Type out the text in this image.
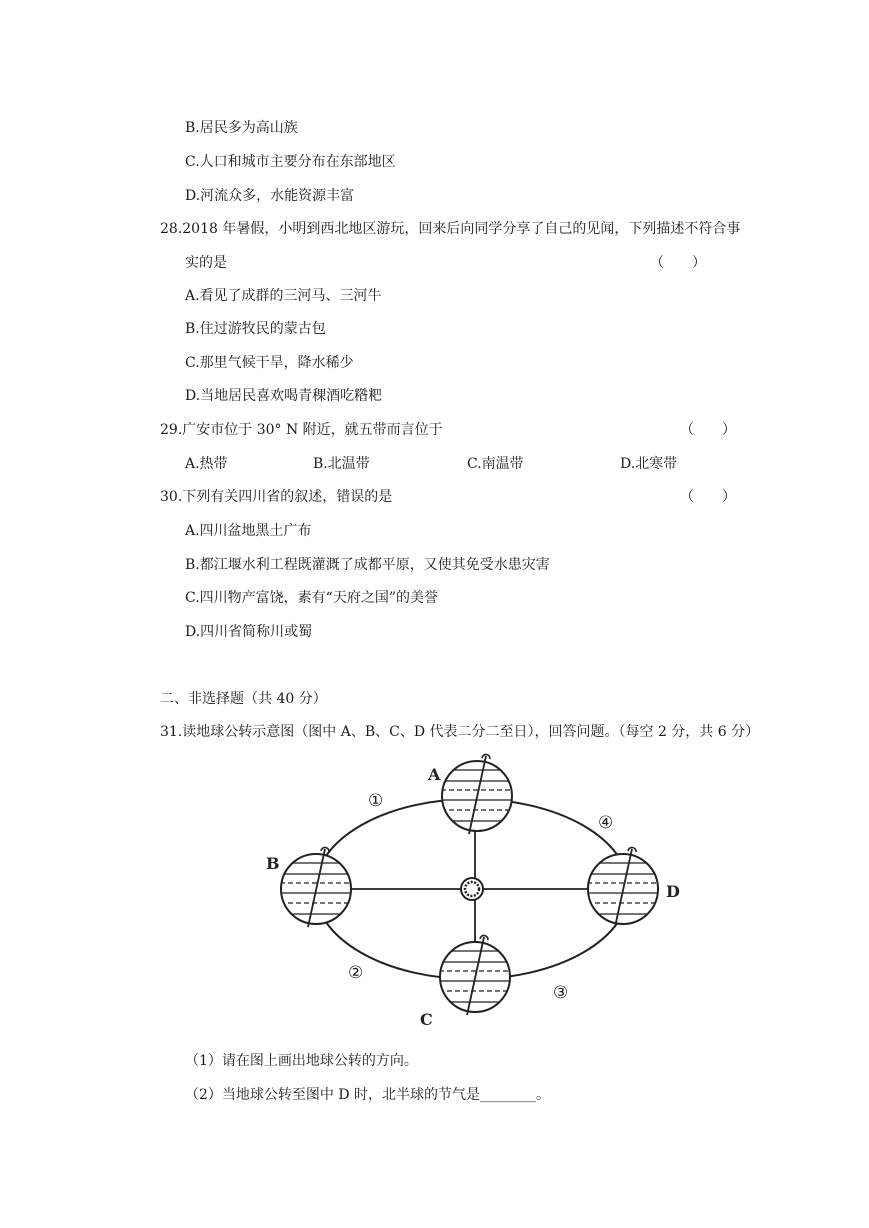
B.居民多为高山族
C.人口和城市主要分布在东部地区
D.河流众多，水能资源丰富
28.2018 年暑假，小明到西北地区游玩，回来后向同学分享了自己的见闻，下列描述不符合事
实的是	（　　）
A.看见了成群的三河马、三河牛
B.住过游牧民的蒙古包
C.那里气候干旱，降水稀少
D.当地居民喜欢喝青稞酒吃糌粑
29.广安市位于 30° N 附近，就五带而言位于	（　　）
A.热带	B.北温带	C.南温带	D.北寒带
30.下列有关四川省的叙述，错误的是	（　　）
A.四川盆地黑土广布
B.都江堰水利工程既灌溉了成都平原，又使其免受水患灾害
C.四川物产富饶，素有“天府之国”的美誉
D.四川省简称川或蜀
二、非选择题（共 40 分）
31.读地球公转示意图（图中 A、B、C、D 代表二分二至日），回答问题。（每空 2 分，共 6 分）
A
B
C
D
①
②
③
④
（1）请在图上画出地球公转的方向。
（2）当地球公转至图中 D 时，北半球的节气是________。
